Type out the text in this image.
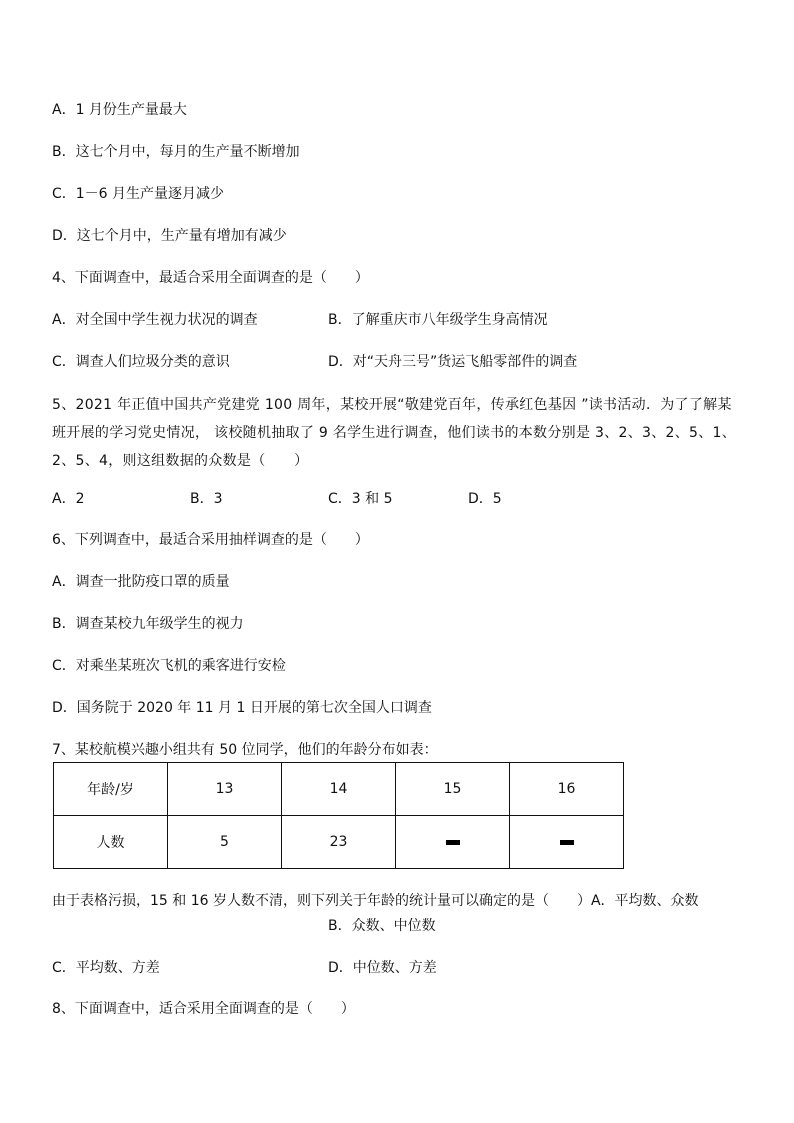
A．1 月份生产量最大
B．这七个月中，每月的生产量不断增加
C．1－6 月生产量逐月减少
D．这七个月中，生产量有增加有减少
4、下面调查中，最适合采用全面调查的是（　　）
A．对全国中学生视力状况的调查	B．了解重庆市八年级学生身高情况
C．调查人们垃圾分类的意识	D．对“天舟三号”货运飞船零部件的调查
5、2021 年正值中国共产党建党 100 周年，某校开展“敬建党百年，传承红色基因 ”读书活动．为了了解某班开展的学习党史情况， 该校随机抽取了 9 名学生进行调查，他们读书的本数分别是 3、2、3、2、5、1、2、5、4，则这组数据的众数是（　　）
A．2	B．3	C．3 和 5	D．5
6、下列调查中，最适合采用抽样调查的是（　　）
A．调查一批防疫口罩的质量
B．调查某校九年级学生的视力
C．对乘坐某班次飞机的乘客进行安检
D．国务院于 2020 年 11 月 1 日开展的第七次全国人口调查
7、某校航模兴趣小组共有 50 位同学，他们的年龄分布如表：
年龄/岁	13	14	15	16
人数	5	23		
由于表格污损，15 和 16 岁人数不清，则下列关于年龄的统计量可以确定的是（　　）A．平均数、众数
B．众数、中位数
C．平均数、方差	D．中位数、方差
8、下面调查中，适合采用全面调查的是（　　）
